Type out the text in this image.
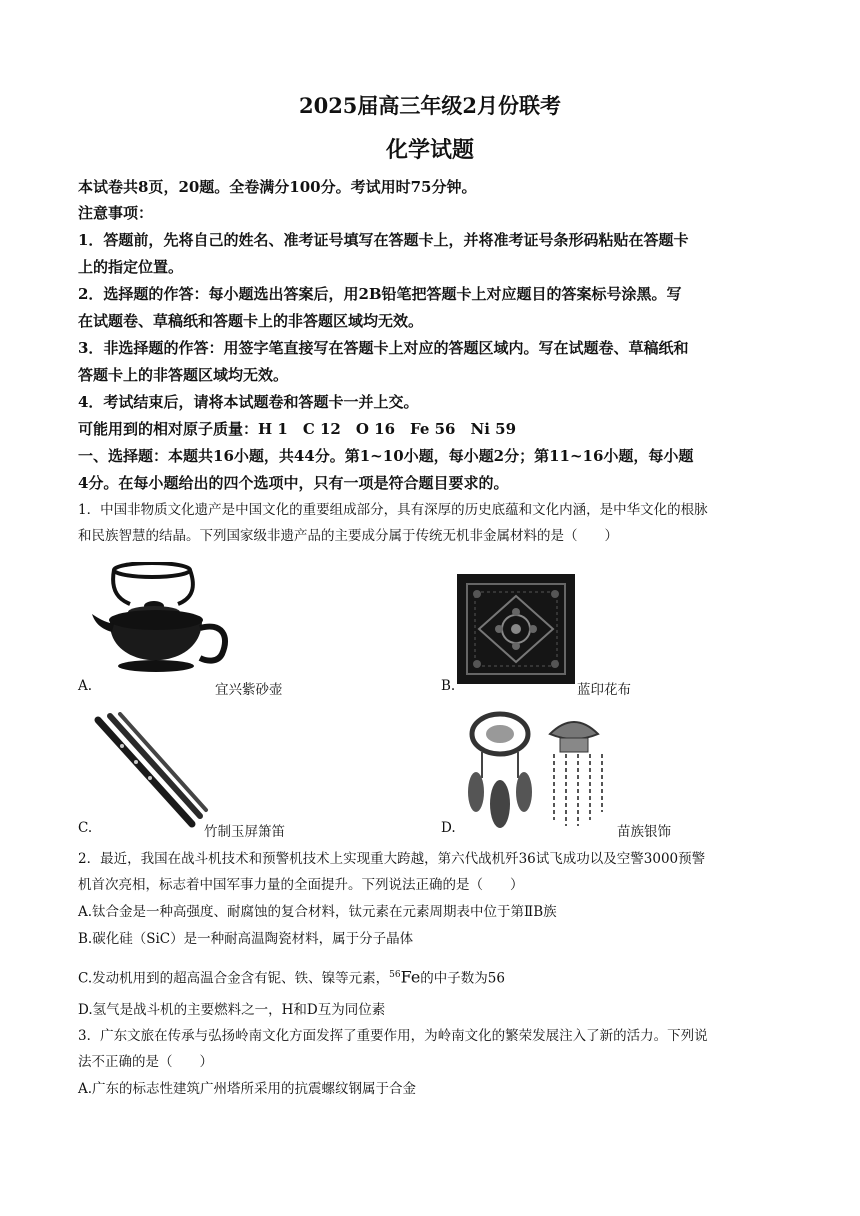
2025届高三年级2月份联考
化学试题
本试卷共8页，20题。全卷满分100分。考试用时75分钟。
注意事项：
1．答题前，先将自己的姓名、准考证号填写在答题卡上，并将准考证号条形码粘贴在答题卡
上的指定位置。
2．选择题的作答：每小题选出答案后，用2B铅笔把答题卡上对应题目的答案标号涂黑。写
在试题卷、草稿纸和答题卡上的非答题区域均无效。
3．非选择题的作答：用签字笔直接写在答题卡上对应的答题区域内。写在试题卷、草稿纸和
答题卡上的非答题区域均无效。
4．考试结束后，请将本试题卷和答题卡一并上交。
可能用到的相对原子质量：H 1　C 12　O 16　Fe 56　Ni 59
一、选择题：本题共16小题，共44分。第1~10小题，每小题2分；第11~16小题，每小题
4分。在每小题给出的四个选项中，只有一项是符合题目要求的。
1．中国非物质文化遗产是中国文化的重要组成部分，具有深厚的历史底蕴和文化内涵，是中华文化的根脉
和民族智慧的结晶。下列国家级非遗产品的主要成分属于传统无机非金属材料的是（　　）
A.	宜兴紫砂壶	B.	蓝印花布
C.	竹制玉屏箫笛	D.	苗族银饰
2．最近，我国在战斗机技术和预警机技术上实现重大跨越，第六代战机歼36试飞成功以及空警3000预警
机首次亮相，标志着中国军事力量的全面提升。下列说法正确的是（　　）
A.钛合金是一种高强度、耐腐蚀的复合材料，钛元素在元素周期表中位于第ⅡB族
B.碳化硅（SiC）是一种耐高温陶瓷材料，属于分子晶体
C.发动机用到的超高温合金含有铌、铁、镍等元素，$^{56}$Fe的中子数为56
D.氢气是战斗机的主要燃料之一，H和D互为同位素
3．广东文旅在传承与弘扬岭南文化方面发挥了重要作用，为岭南文化的繁荣发展注入了新的活力。下列说
法不正确的是（　　）
A.广东的标志性建筑广州塔所采用的抗震螺纹钢属于合金
